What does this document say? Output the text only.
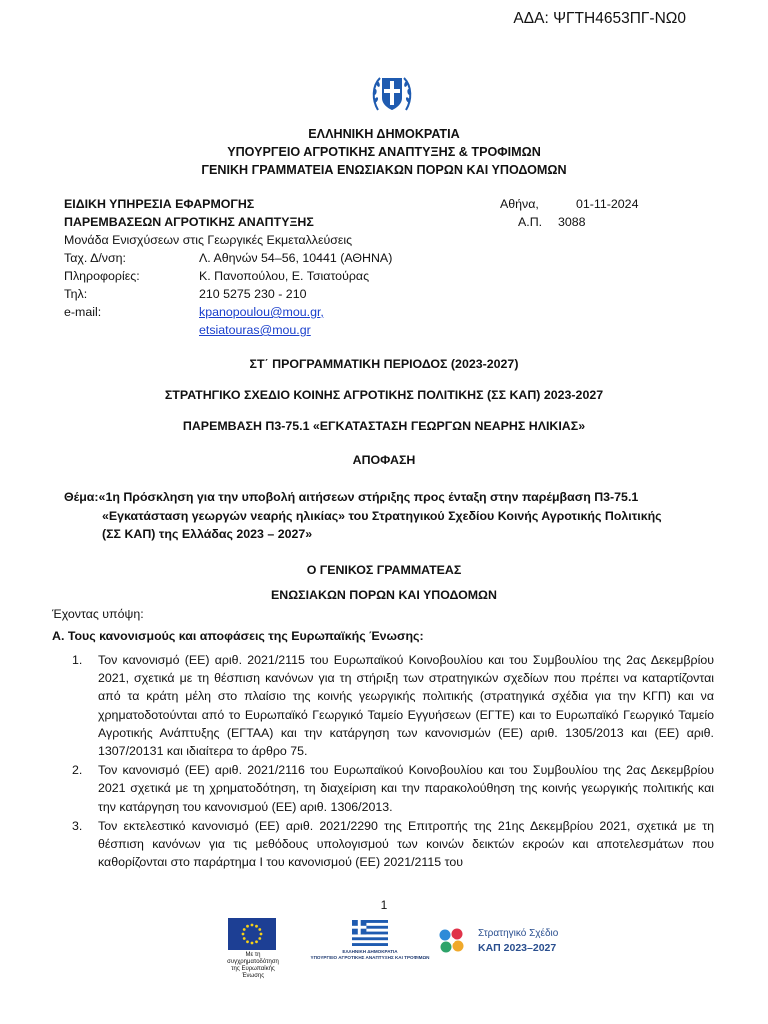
ΑΔΑ: ΨΓΤΗ4653ΠΓ-ΝΩ0
ΕΛΛΗΝΙΚΗ ΔΗΜΟΚΡΑΤΙΑ
ΥΠΟΥΡΓΕΙΟ ΑΓΡΟΤΙΚΗΣ ΑΝΑΠΤΥΞΗΣ & ΤΡΟΦΙΜΩΝ
ΓΕΝΙΚΗ ΓΡΑΜΜΑΤΕΙΑ ΕΝΩΣΙΑΚΩΝ ΠΟΡΩΝ ΚΑΙ ΥΠΟΔΟΜΩΝ
ΕΙΔΙΚΗ ΥΠΗΡΕΣΙΑ ΕΦΑΡΜΟΓΗΣ
ΠΑΡΕΜΒΑΣΕΩΝ ΑΓΡΟΤΙΚΗΣ ΑΝΑΠΤΥΞΗΣ
Μονάδα Ενισχύσεων στις Γεωργικές Εκμεταλλεύσεις
Ταχ. Δ/νση:	Λ. Αθηνών 54–56, 10441 (ΑΘΗΝΑ)
Πληροφορίες:	Κ. Πανοπούλου, Ε. Τσιατούρας
Τηλ:	210 5275 230 - 210
e-mail:	kpanopoulou@mou.gr,
etsiatouras@mou.gr
Αθήνα,	01-11-2024
Α.Π. 3088
ΣΤ΄ ΠΡΟΓΡΑΜΜΑΤΙΚΗ ΠΕΡΙΟΔΟΣ (2023-2027)
ΣΤΡΑΤΗΓΙΚΟ ΣΧΕΔΙΟ ΚΟΙΝΗΣ ΑΓΡΟΤΙΚΗΣ ΠΟΛΙΤΙΚΗΣ (ΣΣ ΚΑΠ) 2023-2027
ΠΑΡΕΜΒΑΣΗ Π3-75.1 «ΕΓΚΑΤΑΣΤΑΣΗ ΓΕΩΡΓΩΝ ΝΕΑΡΗΣ ΗΛΙΚΙΑΣ»
ΑΠΟΦΑΣΗ
Θέμα:«1η Πρόσκληση για την υποβολή αιτήσεων στήριξης προς ένταξη στην παρέμβαση Π3-75.1
«Εγκατάσταση γεωργών νεαρής ηλικίας» του Στρατηγικού Σχεδίου Κοινής Αγροτικής Πολιτικής
(ΣΣ ΚΑΠ) της Ελλάδας 2023 – 2027»
Ο ΓΕΝΙΚΟΣ ΓΡΑΜΜΑΤΕΑΣ
ΕΝΩΣΙΑΚΩΝ ΠΟΡΩΝ ΚΑΙ ΥΠΟΔΟΜΩΝ
Έχοντας υπόψη:
Α. Τους κανονισμούς και αποφάσεις της Ευρωπαϊκής Ένωσης:
1. Τον κανονισμό (ΕΕ) αριθ. 2021/2115 του Ευρωπαϊκού Κοινοβουλίου και του Συμβουλίου της 2ας Δεκεμβρίου 2021, σχετικά με τη θέσπιση κανόνων για τη στήριξη των στρατηγικών σχεδίων που πρέπει να καταρτίζονται από τα κράτη μέλη στο πλαίσιο της κοινής γεωργικής πολιτικής (στρατηγικά σχέδια για την ΚΓΠ) και να χρηματοδοτούνται από το Ευρωπαϊκό Γεωργικό Ταμείο Εγγυήσεων (ΕΓΤΕ) και το Ευρωπαϊκό Γεωργικό Ταμείο Αγροτικής Ανάπτυξης (ΕΓΤΑΑ) και την κατάργηση των κανονισμών (ΕΕ) αριθ. 1305/2013 και (ΕΕ) αριθ. 1307/20131 και ιδιαίτερα το άρθρο 75.
2. Τον κανονισμό (ΕΕ) αριθ. 2021/2116 του Ευρωπαϊκού Κοινοβουλίου και του Συμβουλίου της 2ας Δεκεμβρίου 2021 σχετικά με τη χρηματοδότηση, τη διαχείριση και την παρακολούθηση της κοινής γεωργικής πολιτικής και την κατάργηση του κανονισμού (ΕΕ) αριθ. 1306/2013.
3. Τον εκτελεστικό κανονισμό (ΕΕ) αριθ. 2021/2290 της Επιτροπής της 21ης Δεκεμβρίου 2021, σχετικά με τη θέσπιση κανόνων για τις μεθόδους υπολογισμού των κοινών δεικτών εκροών και αποτελεσμάτων που καθορίζονται στο παράρτημα Ι του κανονισμού (ΕΕ) 2021/2115 του
1
Με τη συγχρηματοδότηση
της Ευρωπαϊκής Ένωσης
ΕΛΛΗΝΙΚΗ ΔΗΜΟΚΡΑΤΙΑ
ΥΠΟΥΡΓΕΙΟ ΑΓΡΟΤΙΚΗΣ ΑΝΑΠΤΥΞΗΣ ΚΑΙ ΤΡΟΦΙΜΩΝ
Στρατηγικό Σχέδιο
ΚΑΠ 2023–2027
